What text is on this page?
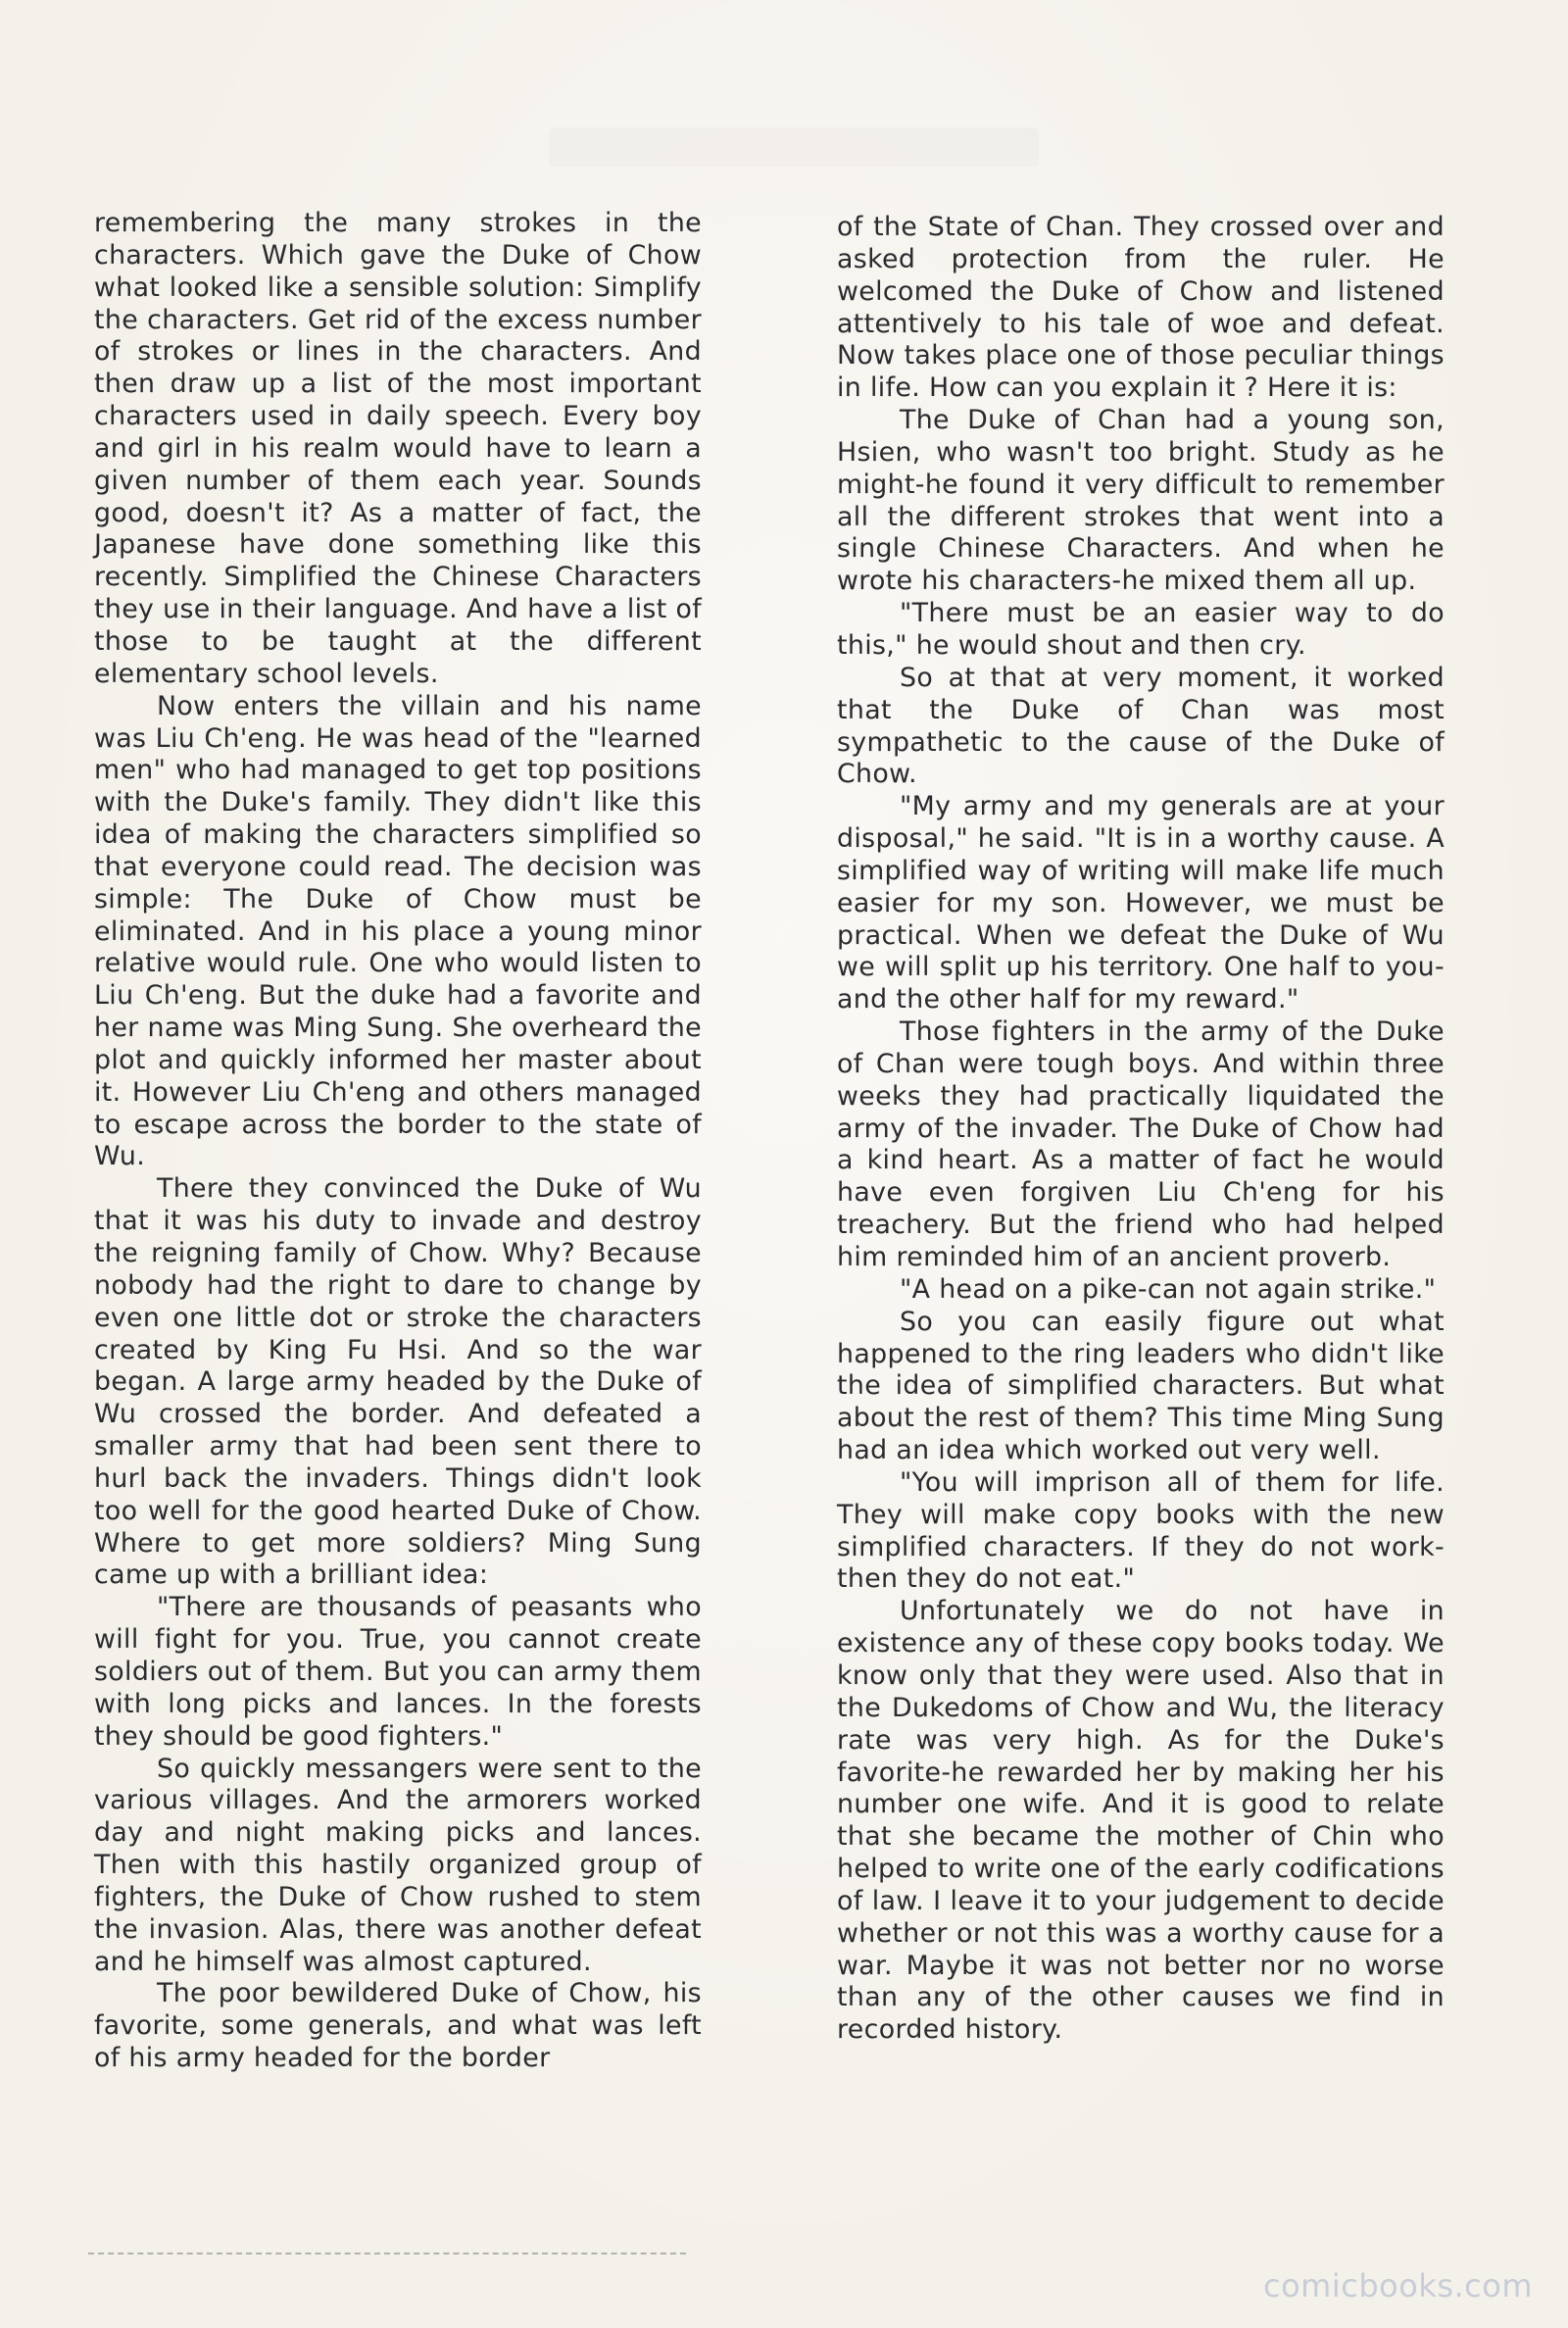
remembering the many strokes in the characters. Which gave the Duke of Chow what looked like a sensible solution: Simplify the characters. Get rid of the excess number of strokes or lines in the characters. And then draw up a list of the most important characters used in daily speech. Every boy and girl in his realm would have to learn a given number of them each year. Sounds good, doesn't it? As a matter of fact, the Japanese have done something like this recently. Simplified the Chinese Characters they use in their language. And have a list of those to be taught at the different elementary school levels.

Now enters the villain and his name was Liu Ch'eng. He was head of the "learned men" who had managed to get top positions with the Duke's family. They didn't like this idea of making the characters simplified so that everyone could read. The decision was simple: The Duke of Chow must be eliminated. And in his place a young minor relative would rule. One who would listen to Liu Ch'eng. But the duke had a favorite and her name was Ming Sung. She overheard the plot and quickly informed her master about it. However Liu Ch'eng and others managed to escape across the border to the state of Wu.

There they convinced the Duke of Wu that it was his duty to invade and destroy the reigning family of Chow. Why? Because nobody had the right to dare to change by even one little dot or stroke the characters created by King Fu Hsi. And so the war began. A large army headed by the Duke of Wu crossed the border. And defeated a smaller army that had been sent there to hurl back the invaders. Things didn't look too well for the good hearted Duke of Chow. Where to get more soldiers? Ming Sung came up with a brilliant idea:

"There are thousands of peasants who will fight for you. True, you cannot create soldiers out of them. But you can army them with long picks and lances. In the forests they should be good fighters."

So quickly messangers were sent to the various villages. And the armorers worked day and night making picks and lances. Then with this hastily organized group of fighters, the Duke of Chow rushed to stem the invasion. Alas, there was another defeat and he himself was almost captured.

The poor bewildered Duke of Chow, his favorite, some generals, and what was left of his army headed for the border

of the State of Chan. They crossed over and asked protection from the ruler. He welcomed the Duke of Chow and listened attentively to his tale of woe and defeat. Now takes place one of those peculiar things in life. How can you explain it ? Here it is:

The Duke of Chan had a young son, Hsien, who wasn't too bright. Study as he might-he found it very difficult to remember all the different strokes that went into a single Chinese Characters. And when he wrote his characters-he mixed them all up.

"There must be an easier way to do this," he would shout and then cry.

So at that at very moment, it worked that the Duke of Chan was most sympathetic to the cause of the Duke of Chow.

"My army and my generals are at your disposal," he said. "It is in a worthy cause. A simplified way of writing will make life much easier for my son. However, we must be practical. When we defeat the Duke of Wu we will split up his territory. One half to you- and the other half for my reward."

Those fighters in the army of the Duke of Chan were tough boys. And within three weeks they had practically liquidated the army of the invader. The Duke of Chow had a kind heart. As a matter of fact he would have even forgiven Liu Ch'eng for his treachery. But the friend who had helped him reminded him of an ancient proverb.

"A head on a pike-can not again strike."

So you can easily figure out what happened to the ring leaders who didn't like the idea of simplified characters. But what about the rest of them? This time Ming Sung had an idea which worked out very well.

"You will imprison all of them for life. They will make copy books with the new simplified characters. If they do not work-then they do not eat."

Unfortunately we do not have in existence any of these copy books today. We know only that they were used. Also that in the Dukedoms of Chow and Wu, the literacy rate was very high. As for the Duke's favorite-he rewarded her by making her his number one wife. And it is good to relate that she became the mother of Chin who helped to write one of the early codifications of law. I leave it to your judgement to decide whether or not this was a worthy cause for a war. Maybe it was not better nor no worse than any of the other causes we find in recorded history.

comicbooks.com
